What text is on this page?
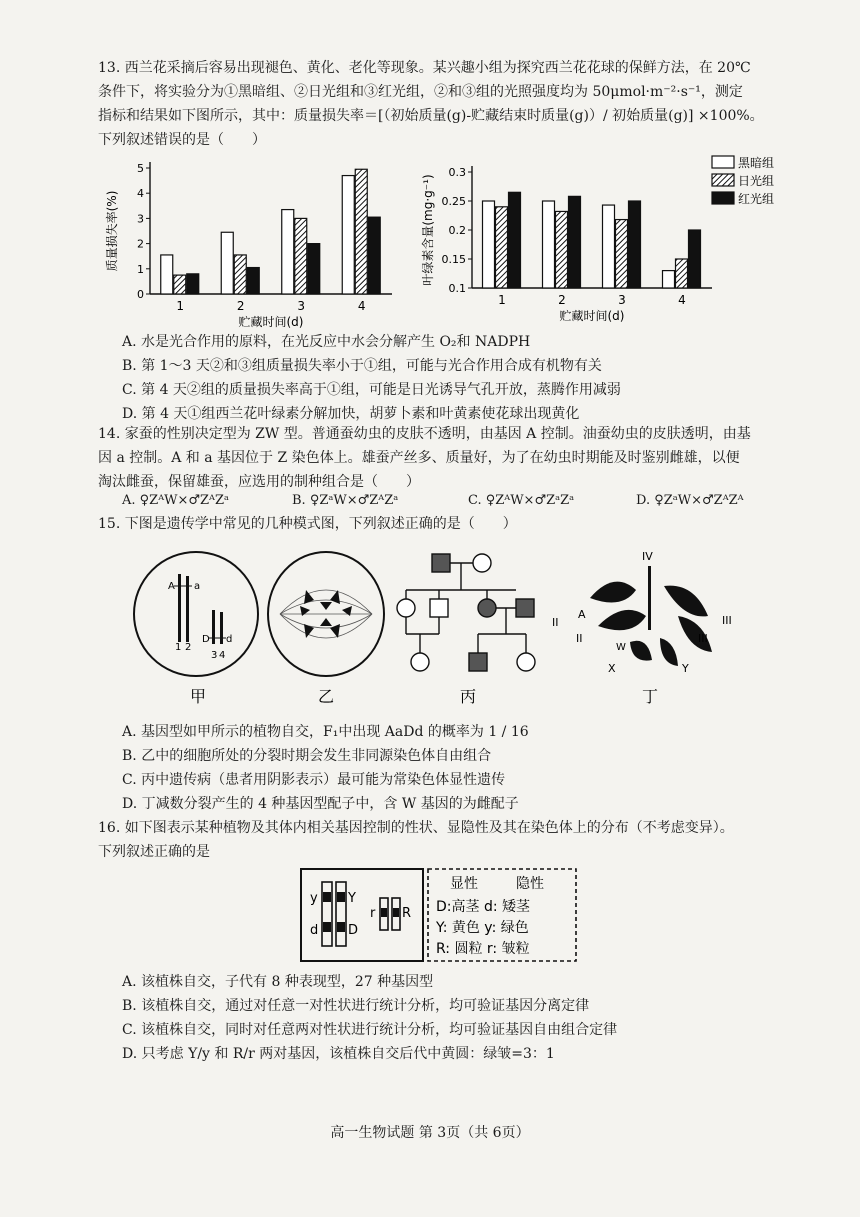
13. 西兰花采摘后容易出现褪色、黄化、老化等现象。某兴趣小组为探究西兰花花球的保鲜方法，在 20℃
条件下，将实验分为①黑暗组、②日光组和③红光组，②和③组的光照强度均为 50μmol·m⁻²·s⁻¹，测定
指标和结果如下图所示，其中：质量损失率＝[（初始质量(g)-贮藏结束时质量(g)）/ 初始质量(g)] ×100%。
下列叙述错误的是（　　）
0
1
2
3
4
5
质量损失率(%)
1	2	3	4
贮藏时间(d)
0.1
0.15
0.2
0.25
0.3
叶绿素含量(mg·g⁻¹)
1	2	3	4
贮藏时间(d)
黑暗组
日光组
红光组
A. 水是光合作用的原料，在光反应中水会分解产生 O₂和 NADPH
B. 第 1～3 天②和③组质量损失率小于①组，可能与光合作用合成有机物有关
C. 第 4 天②组的质量损失率高于①组，可能是日光诱导气孔开放，蒸腾作用减弱
D. 第 4 天①组西兰花叶绿素分解加快，胡萝卜素和叶黄素使花球出现黄化
14. 家蚕的性别决定型为 ZW 型。普通蚕幼虫的皮肤不透明，由基因 A 控制。油蚕幼虫的皮肤透明，由基
因 a 控制。A 和 a 基因位于 Z 染色体上。雄蚕产丝多、质量好，为了在幼虫时期能及时鉴别雌雄，以便
淘汰雌蚕，保留雄蚕，应选用的制种组合是（　　）
A. ♀ZᴬW×♂ZᴬZᵃ	B. ♀ZᵃW×♂ZᴬZᵃ	C. ♀ZᴬW×♂ZᵃZᵃ	D. ♀ZᵃW×♂ZᴬZᴬ
15. 下图是遗传学中常见的几种模式图，下列叙述正确的是（　　）
A a
1 2
D d
3 4
IV
A
II
II
III
III
W
X	Y
甲	乙	丙	丁
A. 基因型如甲所示的植物自交，F₁中出现 AaDd 的概率为 1 / 16
B. 乙中的细胞所处的分裂时期会发生非同源染色体自由组合
C. 丙中遗传病（患者用阴影表示）最可能为常染色体显性遗传
D. 丁减数分裂产生的 4 种基因型配子中，含 W 基因的为雌配子
16. 如下图表示某种植物及其体内相关基因控制的性状、显隐性及其在染色体上的分布（不考虑变异）。
下列叙述正确的是
y Y
d D
r R
显性	隐性
D:高茎 d: 矮茎
Y: 黄色 y: 绿色
R: 圆粒 r: 皱粒
A. 该植株自交，子代有 8 种表现型，27 种基因型
B. 该植株自交，通过对任意一对性状进行统计分析，均可验证基因分离定律
C. 该植株自交，同时对任意两对性状进行统计分析，均可验证基因自由组合定律
D. 只考虑 Y/y 和 R/r 两对基因，该植株自交后代中黄圆：绿皱=3：1
高一生物试题 第 3页（共 6页）
